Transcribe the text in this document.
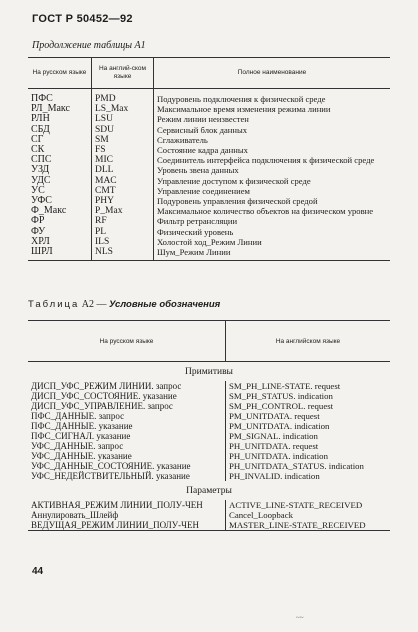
ГОСТ Р 50452—92
Продолжение таблицы А1
На русском языке	На англий-ском языке	Полное наименование
ПФС	PMD	Подуровень подключения к физической среде
РЛ_Макс	LS_Max	Максимальное время изменения режима линии
РЛН	LSU	Режим линии неизвестен
СБД	SDU	Сервисный блок данных
СГ	SM	Сглаживатель
СК	FS	Состояние кадра данных
СПС	MIC	Соединитель интерфейса подключения к физической среде
УЗД	DLL	Уровень звена данных
УДС	MAC	Управление доступом к физической среде
УС	CMT	Управление соединением
УФС	PHY	Подуровень управления физической средой
Ф_Макс	P_Max	Максимальное количество объектов на физическом уровне
ФР	RF	Фильтр ретрансляции
ФУ	PL	Физический уровень
ХРЛ	ILS	Холостой ход_Режим Линии
ШРЛ	NLS	Шум_Режим Линии
Таблица А2 — Условные обозначения
На русском языке	На английском языке
Примитивы	
ДИСП_УФС_РЕЖИМ ЛИНИИ. запрос	SM_PH_LINE-STATE. request
ДИСП_УФС_СОСТОЯНИЕ. указание	SM_PH_STATUS. indication
ДИСП_УФС_УПРАВЛЕНИЕ. запрос	SM_PH_CONTROL. request
ПФС_ДАННЫЕ. запрос	PM_UNITDATA. request
ПФС_ДАННЫЕ. указание	PM_UNITDATA. indication
ПФС_СИГНАЛ. указание	PM_SIGNAL. indication
УФС_ДАННЫЕ. запрос	PH_UNITDATA. request
УФС_ДАННЫЕ. указание	PH_UNITDATA. indication
УФС_ДАННЫЕ_СОСТОЯНИЕ. указание	PH_UNITDATA_STATUS. indication
УФС_НЕДЕЙСТВИТЕЛЬНЫЙ. указание	PH_INVALID. indication
Параметры	
АКТИВНАЯ_РЕЖИМ ЛИНИИ_ПОЛУ-ЧЕН	ACTIVE_LINE-STATE_RECEIVED
Аннулировать_Шлейф	Cancel_Loopback
ВЕДУЩАЯ_РЕЖИМ ЛИНИИ_ПОЛУ-ЧЕН	MASTER_LINE-STATE_RECEIVED
44
~~
